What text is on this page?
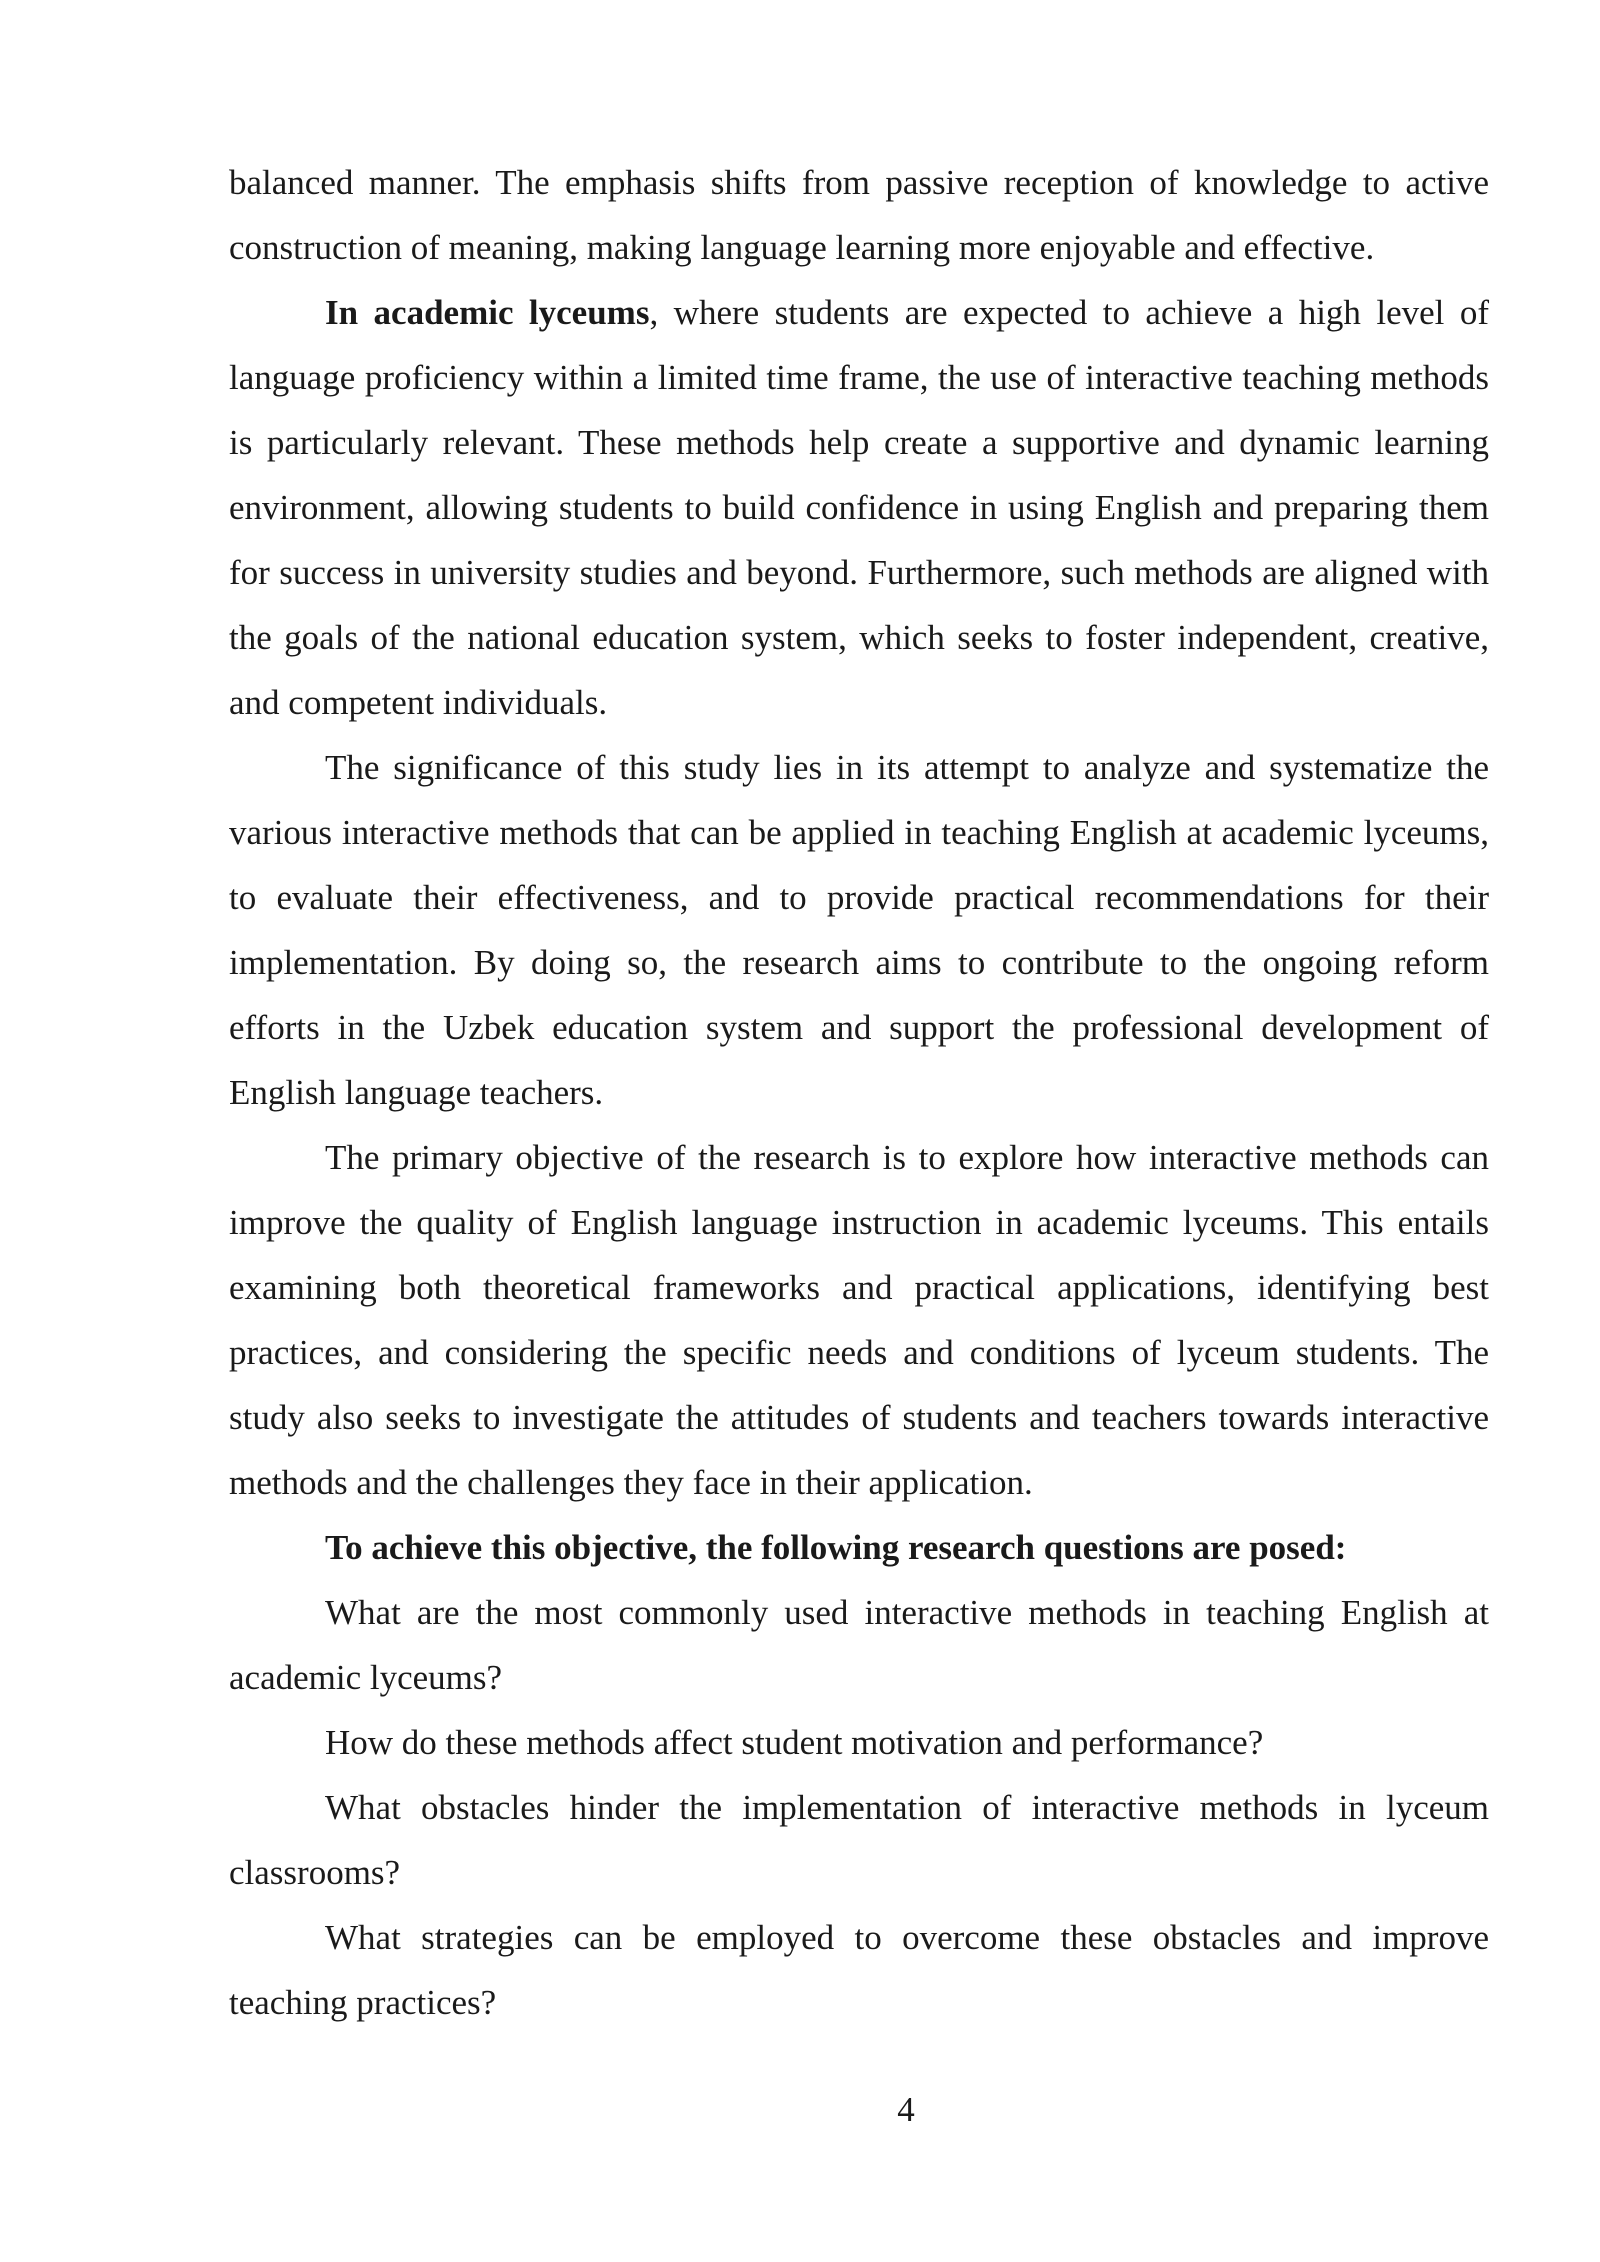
balanced manner. The emphasis shifts from passive reception of knowledge to active construction of meaning, making language learning more enjoyable and effective.

In academic lyceums, where students are expected to achieve a high level of language proficiency within a limited time frame, the use of interactive teaching methods is particularly relevant. These methods help create a supportive and dynamic learning environment, allowing students to build confidence in using English and preparing them for success in university studies and beyond. Furthermore, such methods are aligned with the goals of the national education system, which seeks to foster independent, creative, and competent individuals.

The significance of this study lies in its attempt to analyze and systematize the various interactive methods that can be applied in teaching English at academic lyceums, to evaluate their effectiveness, and to provide practical recommendations for their implementation. By doing so, the research aims to contribute to the ongoing reform efforts in the Uzbek education system and support the professional development of English language teachers.

The primary objective of the research is to explore how interactive methods can improve the quality of English language instruction in academic lyceums. This entails examining both theoretical frameworks and practical applications, identifying best practices, and considering the specific needs and conditions of lyceum students. The study also seeks to investigate the attitudes of students and teachers towards interactive methods and the challenges they face in their application.

To achieve this objective, the following research questions are posed:

What are the most commonly used interactive methods in teaching English at academic lyceums?

How do these methods affect student motivation and performance?

What obstacles hinder the implementation of interactive methods in lyceum classrooms?

What strategies can be employed to overcome these obstacles and improve teaching practices?

4
